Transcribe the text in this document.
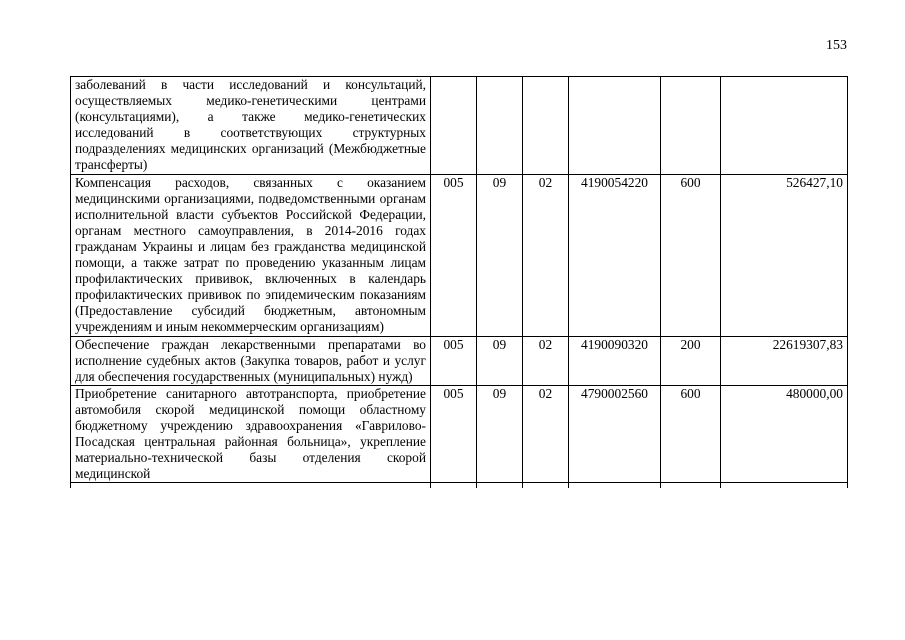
153
заболеваний в части исследований и консультаций, осуществляемых медико-генетическими центрами (консультациями), а также медико-генетических исследований в соответствующих структурных подразделениях медицинских организаций (Межбюджетные трансферты)						
Компенсация расходов, связанных с оказанием медицинскими организациями, подведомственными органам исполнительной власти субъектов Российской Федерации, органам местного самоуправления, в 2014-2016 годах гражданам Украины и лицам без гражданства медицинской помощи, а также затрат по проведению указанным лицам профилактических прививок, включенных в календарь профилактических прививок по эпидемическим показаниям (Предоставление субсидий бюджетным, автономным учреждениям и иным некоммерческим организациям)	005	09	02	4190054220	600	526427,10
Обеспечение граждан лекарственными препаратами во исполнение судебных актов (Закупка товаров, работ и услуг для обеспечения государственных (муниципальных) нужд)	005	09	02	4190090320	200	22619307,83
Приобретение санитарного автотранспорта, приобретение автомобиля скорой медицинской помощи областному бюджетному учреждению здравоохранения «Гаврилово-Посадская центральная районная больница», укрепление материально-технической базы отделения скорой медицинской	005	09	02	4790002560	600	480000,00
